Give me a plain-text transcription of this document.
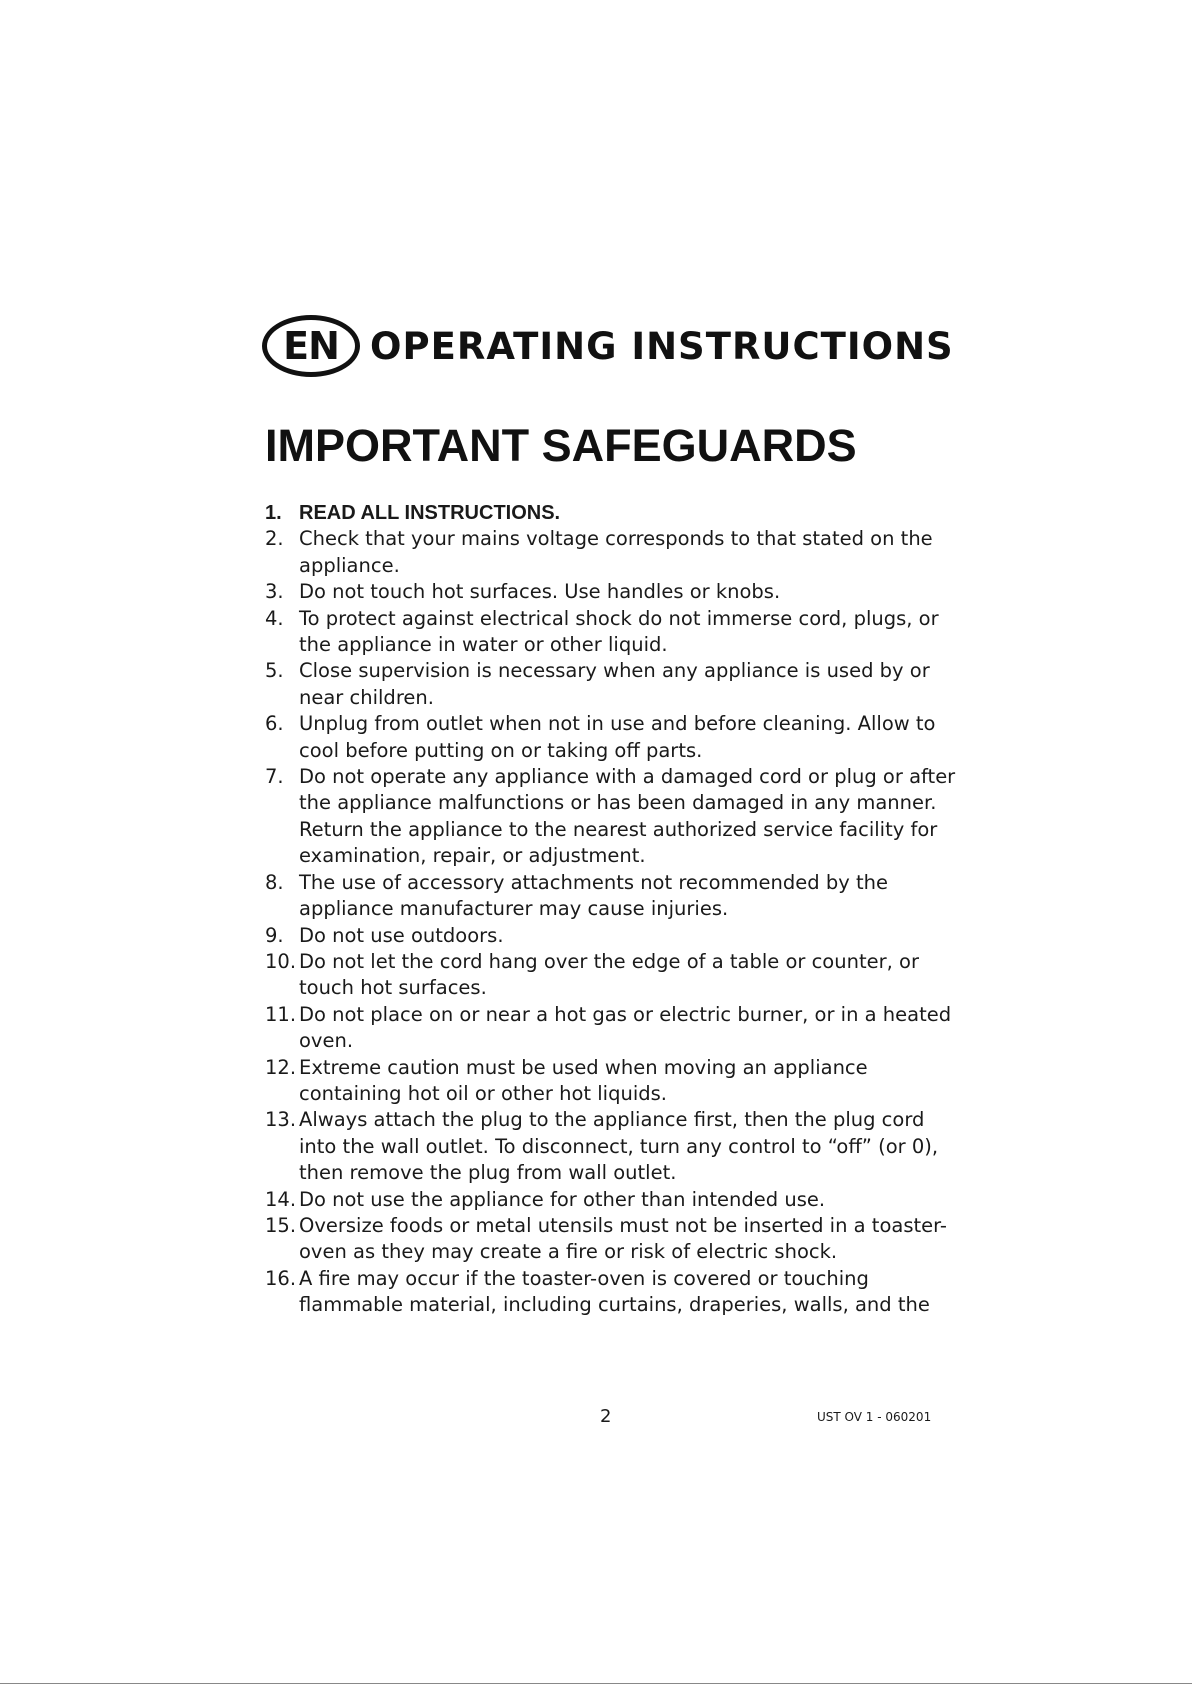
EN OPERATING INSTRUCTIONS
IMPORTANT SAFEGUARDS
1. READ ALL INSTRUCTIONS.
2. Check that your mains voltage corresponds to that stated on the appliance.
3. Do not touch hot surfaces. Use handles or knobs.
4. To protect against electrical shock do not immerse cord, plugs, or the appliance in water or other liquid.
5. Close supervision is necessary when any appliance is used by or near children.
6. Unplug from outlet when not in use and before cleaning. Allow to cool before putting on or taking off parts.
7. Do not operate any appliance with a damaged cord or plug or after the appliance malfunctions or has been damaged in any manner. Return the appliance to the nearest authorized service facility for examination, repair, or adjustment.
8. The use of accessory attachments not recommended by the appliance manufacturer may cause injuries.
9. Do not use outdoors.
10. Do not let the cord hang over the edge of a table or counter, or touch hot surfaces.
11. Do not place on or near a hot gas or electric burner, or in a heated oven.
12. Extreme caution must be used when moving an appliance containing hot oil or other hot liquids.
13. Always attach the plug to the appliance first, then the plug cord into the wall outlet. To disconnect, turn any control to “off” (or 0), then remove the plug from wall outlet.
14. Do not use the appliance for other than intended use.
15. Oversize foods or metal utensils must not be inserted in a toaster-oven as they may create a fire or risk of electric shock.
16. A fire may occur if the toaster-oven is covered or touching flammable material, including curtains, draperies, walls, and the
2	UST OV 1 - 060201
